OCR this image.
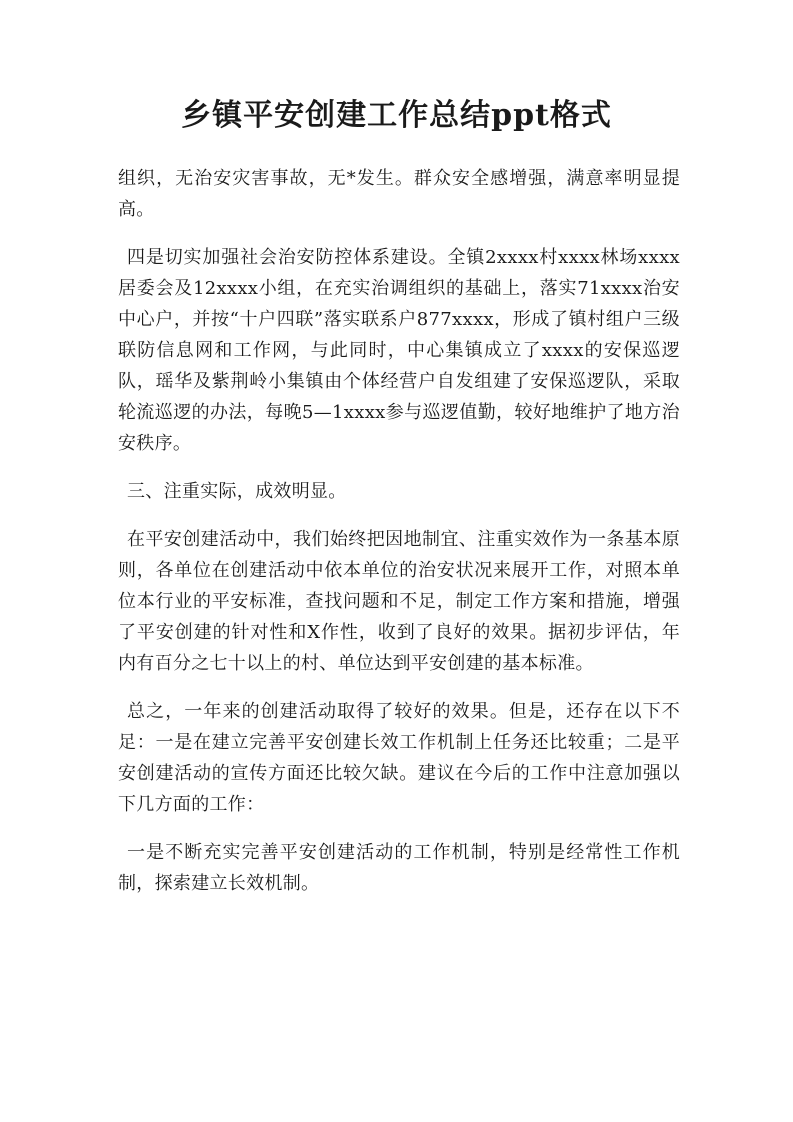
乡镇平安创建工作总结ppt格式

组织，无治安灾害事故，无*发生。群众安全感增强，满意率明显提高。

四是切实加强社会治安防控体系建设。全镇2xxxx村xxxx林场xxxx居委会及12xxxx小组，在充实治调组织的基础上，落实71xxxx治安中心户，并按“十户四联”落实联系户877xxxx，形成了镇村组户三级联防信息网和工作网，与此同时，中心集镇成立了xxxx的安保巡逻队，瑶华及紫荆岭小集镇由个体经营户自发组建了安保巡逻队，采取轮流巡逻的办法，每晚5—1xxxx参与巡逻值勤，较好地维护了地方治安秩序。

三、注重实际，成效明显。

在平安创建活动中，我们始终把因地制宜、注重实效作为一条基本原则，各单位在创建活动中依本单位的治安状况来展开工作，对照本单位本行业的平安标准，查找问题和不足，制定工作方案和措施，增强了平安创建的针对性和X作性，收到了良好的效果。据初步评估，年内有百分之七十以上的村、单位达到平安创建的基本标准。

总之，一年来的创建活动取得了较好的效果。但是，还存在以下不足：一是在建立完善平安创建长效工作机制上任务还比较重；二是平安创建活动的宣传方面还比较欠缺。建议在今后的工作中注意加强以下几方面的工作：

一是不断充实完善平安创建活动的工作机制，特别是经常性工作机制，探索建立长效机制。
